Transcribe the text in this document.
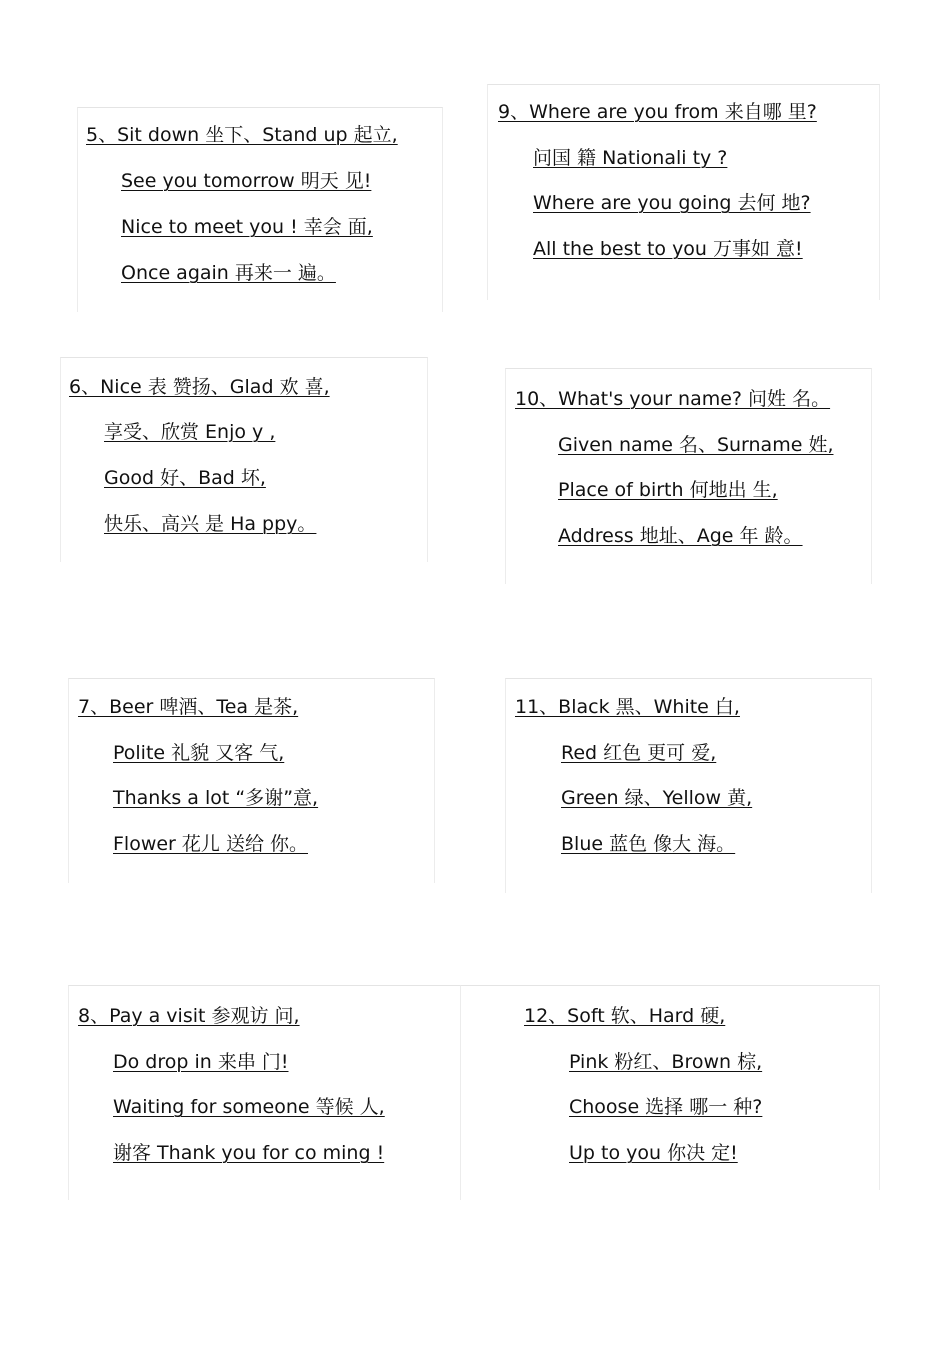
5、Sit down 坐下、Stand up 起立,
See you tomorrow 明天 见!
Nice to meet you ! 幸会 面,
Once again 再来一 遍。
9、Where are you from 来自哪 里?
问国 籍 Nationali ty ?
Where are you going 去何 地?
All the best to you 万事如 意!
6、Nice 表 赞扬、Glad 欢 喜,
享受、欣赏 Enjo y ,
Good 好、Bad 坏,
快乐、高兴 是 Ha ppy。
10、What's your name? 问姓 名。
Given name 名、Surname 姓,
Place of birth 何地出 生,
Address 地址、Age 年 龄。
7、Beer 啤酒、Tea 是茶,
Polite 礼貌 又客 气,
Thanks a lot “多谢”意,
Flower 花儿 送给 你。
11、Black 黑、White 白,
Red 红色 更可 爱,
Green 绿、Yellow 黄,
Blue 蓝色 像大 海。
8、Pay a visit 参观访 问,
Do drop in 来串 门!
Waiting for someone 等候 人,
谢客 Thank you for co ming !
12、Soft 软、Hard 硬,
Pink 粉红、Brown 棕,
Choose 选择 哪一 种?
Up to you 你决 定!
